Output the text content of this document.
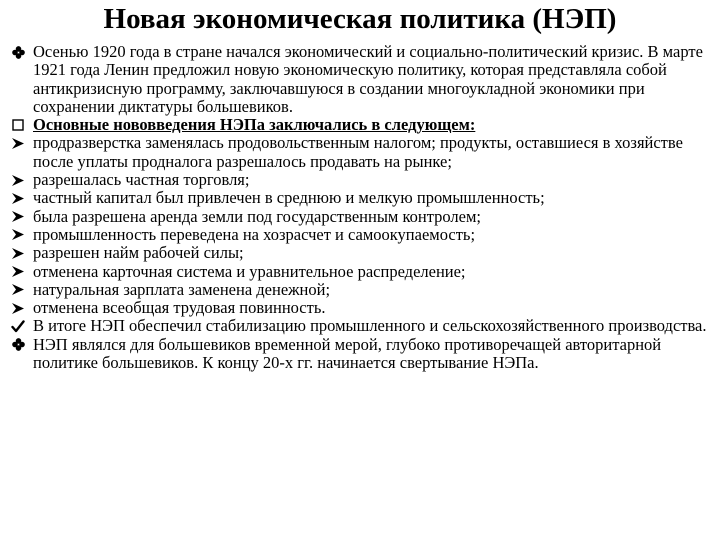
Новая экономическая политика (НЭП)
Осенью 1920 года в стране начался экономический и социально-политический кризис. В марте 1921 года Ленин предложил новую экономическую политику, которая представляла собой антикризисную программу, заключавшуюся в создании многоукладной экономики при сохранении диктатуры большевиков.
Основные нововведения НЭПа заключались в следующем:
продразверстка заменялась продовольственным налогом; продукты, оставшиеся в хозяйстве после уплаты продналога разрешалось продавать на рынке;
разрешалась частная торговля;
частный капитал был привлечен в среднюю и мелкую промышленность;
была разрешена аренда земли под государственным контролем;
промышленность переведена на хозрасчет и самоокупаемость;
разрешен найм рабочей силы;
отменена карточная система и уравнительное распределение;
натуральная зарплата заменена денежной;
отменена всеобщая трудовая повинность.
В итоге НЭП обеспечил стабилизацию промышленного и сельскохозяйственного производства.
НЭП являлся для большевиков временной мерой, глубоко противоречащей авторитарной политике большевиков. К концу 20-х гг. начинается свертывание НЭПа.
